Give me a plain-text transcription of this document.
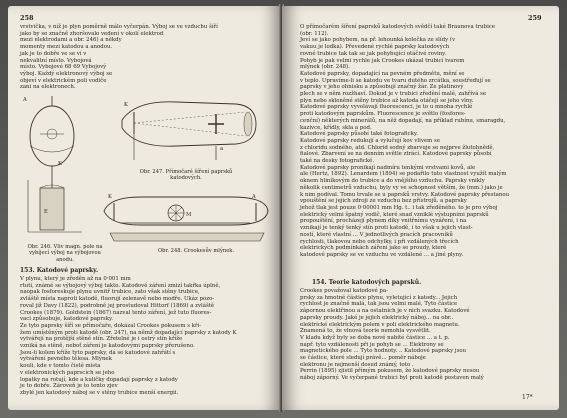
258
vrstvička, v níž je plyn poměrně málo vyčerpán. Výboj se ve vzduchu šíří
jako by se značně zhoršovalo vedení v okolí elektrod
mezi elektrodami a obr. 246) a někdy
momenty mezi katodou a anodou.
jak je to dobře ve se ví v
nekvalitní místo. Vybojová
místo. Vybojové 68 69 Vybojový
výboj. Každý elektronový výboj se
objeví v elektrickém poli vodiče
zani na elektronech.
A
K
E
K
a
Obr. 247. Přímočaré šíření paprsků katodových.
K
M
A
Obr. 246. Vliv magn. pole na vybíjecí výboj na výbojovou anodu.
Obr. 248. Crookesův mlýnek.
153. Katodové paprsky.
V plynu, který je zředěn až na 0·001 mm
rtuti, známé se výbojový výboj takto. Katodové záření zmizí takřka úplně,
naopak fosforeskuje plynu uvnitř trubice, zato však stěny trubice,
zvláště místa naproti katodě, fluorují zelenavě nebo modře. Ukáz pozo-
roval již Davy (1822), podrobně jej prostudoval Hittorf (1869) a zvláště
Crookes (1879). Goldstein (1867) nazval tento záření, jež tuto fluores-
vaci způsobuje, katodové paprsky.
Ze tyto paprsky šíří se přímočaře, dokázal Crookes pokusem s kři-
žem umístěným proti katodě (obr. 247), na němž dopadající paprsky z katody K
vytvářejí na protější stěně stín. Zřetelné je i ostrý stín kříže
vzniká na stěně, neboť záření je katodovými paprsky přerušeno.
Jsou-li kolem kříže tyto paprsky, dá se katodové zahřátí s
vytváření pevného tělesa. Mlýnek
kouli, kde v tomto čisté místa
v elektronických paprscích se jeho
lopatky na rotují, kde a kuličky dopadají paprsky z katody
je to dobře. Zároveň je to tento zjev
zbylé jen katodový náboj se v stěny trubice menší energii.
259
O přímočarém šíření paprsků katodových svědčí také Braunova trubice
(obr. 112).
Jeví se jako pohybem, na př. lehounká kolečka ze slídy (v
vakuu je lodka). Převedené rychlé paprsky katodových
rovné trubice tak tak se jak pohybující otáčivé roviny.
Pohyb je pak velmi rychle jak Crookes ukázal trubicí tvarem
mlýnek (obr. 248).
Katodové paprsky, dopadající na pevném předmětu, mění se
v teplo. Upravíme-li se katodu ve tvaru dutého zrcátka, soustřeďují se
paprsky v jeho ohnisku a způsobují značný žár. Ze platinový
plech se v něm rozžhaví. Dokud je v trubici zředění malé, zahřívá se
plyn nebo skleněné stěny trubice až katoda otáčejí se jeho vlny.
Katodové paprsky vyvolávají fluorescenci, je to u mnoha rychlé
proti katodovým paprskům. Fluorescence je světlo (fosfores-
cenční) některých minerálů, na něž dopadají, na příklad rubínu, smaragdu,
kazivce, křídly, skla a pod.
Katodové paprsky působí také fotograficky.
Katodové paprsky redukují a vylučují kov vlivem se
z chloridu sodného, atd. Chlorid sodný zbarvuje se nejprve žlutohnědě,
fialové. Zbarvení se na denním světle ztrácí. Katodové paprsky působí
také na desky fotografické.
Katodové paprsky pronikají nadmíru tenkými vrstvami kovů, ale
ale (Hertz, 1892). Lenardem (1894) se podařilo tuto vlastnost využít malým
oknem hliníkovým do trubice a do vnějšího vzduchu. Paprsky vnikly
několik centimetrů vzduchu, byly vy ve schopnost větším, že (mm.) jako je
k nim podíval. Tomu trvale se u paprsků vrstvy. Katodové paprsky přestanou
vpouštění se jejich zdroji ze vzduchu bez přístrojů. a paprsky
jehož tlak jest pouze 0·00001 mm Hg. t.. i tak zředěného. to je pro výboj
elektrický velmi špatný vodič, které snad vzniklé výstupními paprsků
propouštění, procházejí plynem díky vnitřnímu vyzáření, i na
vznikají je tenký tenký stín proti katodě, i to však u jejich vlast-
ností, které vlastní ... V jednotlivých pracích pracovníků
rychlosti, tlakovou nebo odchylky, i při vzdálených třecích
elektrických podmínkách záření jako se proudy, které
katodové paprsky se ve vzduchu ve vzdálené ... a jiné plyny.
154. Teorie katodových paprsků.
Crookes považoval katodové pa-
prsky za hmotné částice plynu, vyletující z katody... Jejich
rychlost je značně malá, tak jsou velmi malé, Tyto částice
zápornou elektřinou a na ostatních je v nich svazku. Katodové
paprsky proudy. Jaké je jejich elektrický náboj... na obr..
elektrické elektrickým polem v poli elektrického magnetu.
Znamená to, že vlnová teorie nemohla vysvětlit.
V kladu když byly se doba nové nabité částice ... a t. p.
např. tyto vzdálenosti při je pohyb se ... Elektrony se
magnetického pole ... Tyto hodnoty. .. Katodové paprsky jsou
se částice, které sledují právě... poměr náboje
elektronu je nejmenší dosud známý, toto .
Perrin (1895) zjistil přímým pokusem, že katodové paprsky nesou
náboj záporný. Ve vyčerpané trubici byl proti katodě postaven malý
17*
